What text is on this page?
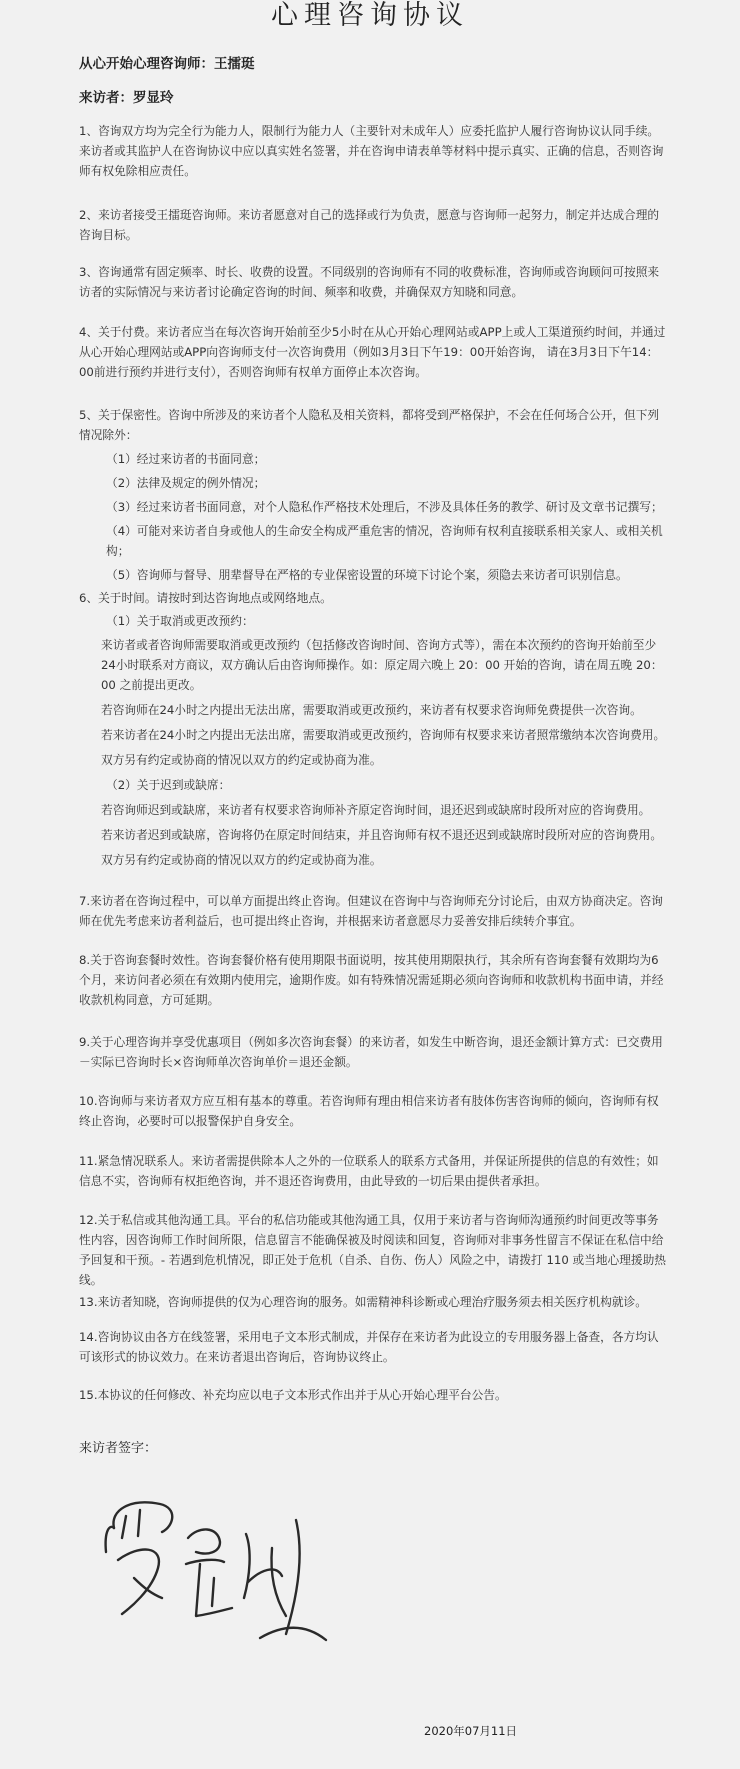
心理咨询协议
从心开始心理咨询师：王擂珽
来访者：罗显玲

1、咨询双方均为完全行为能力人，限制行为能力人（主要针对未成年人）应委托监护人履行咨询协议认同手续。来访者或其监护人在咨询协议中应以真实姓名签署，并在咨询申请表单等材料中提示真实、正确的信息，否则咨询师有权免除相应责任。

2、来访者接受王擂珽咨询师。来访者愿意对自己的选择或行为负责，愿意与咨询师一起努力，制定并达成合理的咨询目标。

3、咨询通常有固定频率、时长、收费的设置。不同级别的咨询师有不同的收费标准，咨询师或咨询顾问可按照来访者的实际情况与来访者讨论确定咨询的时间、频率和收费，并确保双方知晓和同意。

4、关于付费。来访者应当在每次咨询开始前至少5小时在从心开始心理网站或APP上或人工渠道预约时间，并通过从心开始心理网站或APP向咨询师支付一次咨询费用（例如3月3日下午19：00开始咨询， 请在3月3日下午14：00前进行预约并进行支付），否则咨询师有权单方面停止本次咨询。

5、关于保密性。咨询中所涉及的来访者个人隐私及相关资料，都将受到严格保护，不会在任何场合公开，但下列情况除外：

（1）经过来访者的书面同意；

（2）法律及规定的例外情况；

（3）经过来访者书面同意，对个人隐私作严格技术处理后，不涉及具体任务的教学、研讨及文章书记撰写；

（4）可能对来访者自身或他人的生命安全构成严重危害的情况，咨询师有权利直接联系相关家人、或相关机构；

（5）咨询师与督导、朋辈督导在严格的专业保密设置的环境下讨论个案，须隐去来访者可识别信息。

6、关于时间。请按时到达咨询地点或网络地点。

（1）关于取消或更改预约：

来访者或者咨询师需要取消或更改预约（包括修改咨询时间、咨询方式等），需在本次预约的咨询开始前至少24小时联系对方商议，双方确认后由咨询师操作。如：原定周六晚上 20：00 开始的咨询，请在周五晚 20：00 之前提出更改。

若咨询师在24小时之内提出无法出席，需要取消或更改预约，来访者有权要求咨询师免费提供一次咨询。

若来访者在24小时之内提出无法出席，需要取消或更改预约，咨询师有权要求来访者照常缴纳本次咨询费用。

双方另有约定或协商的情况以双方的约定或协商为准。

（2）关于迟到或缺席：

若咨询师迟到或缺席，来访者有权要求咨询师补齐原定咨询时间，退还迟到或缺席时段所对应的咨询费用。

若来访者迟到或缺席，咨询将仍在原定时间结束，并且咨询师有权不退还迟到或缺席时段所对应的咨询费用。

双方另有约定或协商的情况以双方的约定或协商为准。

7.来访者在咨询过程中，可以单方面提出终止咨询。但建议在咨询中与咨询师充分讨论后，由双方协商决定。咨询师在优先考虑来访者利益后，也可提出终止咨询，并根据来访者意愿尽力妥善安排后续转介事宜。

8.关于咨询套餐时效性。咨询套餐价格有使用期限书面说明，按其使用期限执行，其余所有咨询套餐有效期均为6个月，来访问者必须在有效期内使用完，逾期作废。如有特殊情况需延期必须向咨询师和收款机构书面申请，并经收款机构同意，方可延期。

9.关于心理咨询并享受优惠项目（例如多次咨询套餐）的来访者，如发生中断咨询，退还金额计算方式：已交费用－实际已咨询时长×咨询师单次咨询单价＝退还金额。

10.咨询师与来访者双方应互相有基本的尊重。若咨询师有理由相信来访者有肢体伤害咨询师的倾向，咨询师有权终止咨询，必要时可以报警保护自身安全。

11.紧急情况联系人。来访者需提供除本人之外的一位联系人的联系方式备用，并保证所提供的信息的有效性；如信息不实，咨询师有权拒绝咨询，并不退还咨询费用，由此导致的一切后果由提供者承担。

12.关于私信或其他沟通工具。平台的私信功能或其他沟通工具，仅用于来访者与咨询师沟通预约时间更改等事务性内容，因咨询师工作时间所限，信息留言不能确保被及时阅读和回复，咨询师对非事务性留言不保证在私信中给予回复和干预。- 若遇到危机情况，即正处于危机（自杀、自伤、伤人）风险之中，请拨打 110 或当地心理援助热线。

13.来访者知晓，咨询师提供的仅为心理咨询的服务。如需精神科诊断或心理治疗服务须去相关医疗机构就诊。

14.咨询协议由各方在线签署，采用电子文本形式制成，并保存在来访者为此设立的专用服务器上备查，各方均认可该形式的协议效力。在来访者退出咨询后，咨询协议终止。

15.本协议的任何修改、补充均应以电子文本形式作出并于从心开始心理平台公告。

来访者签字：
2020年07月11日
